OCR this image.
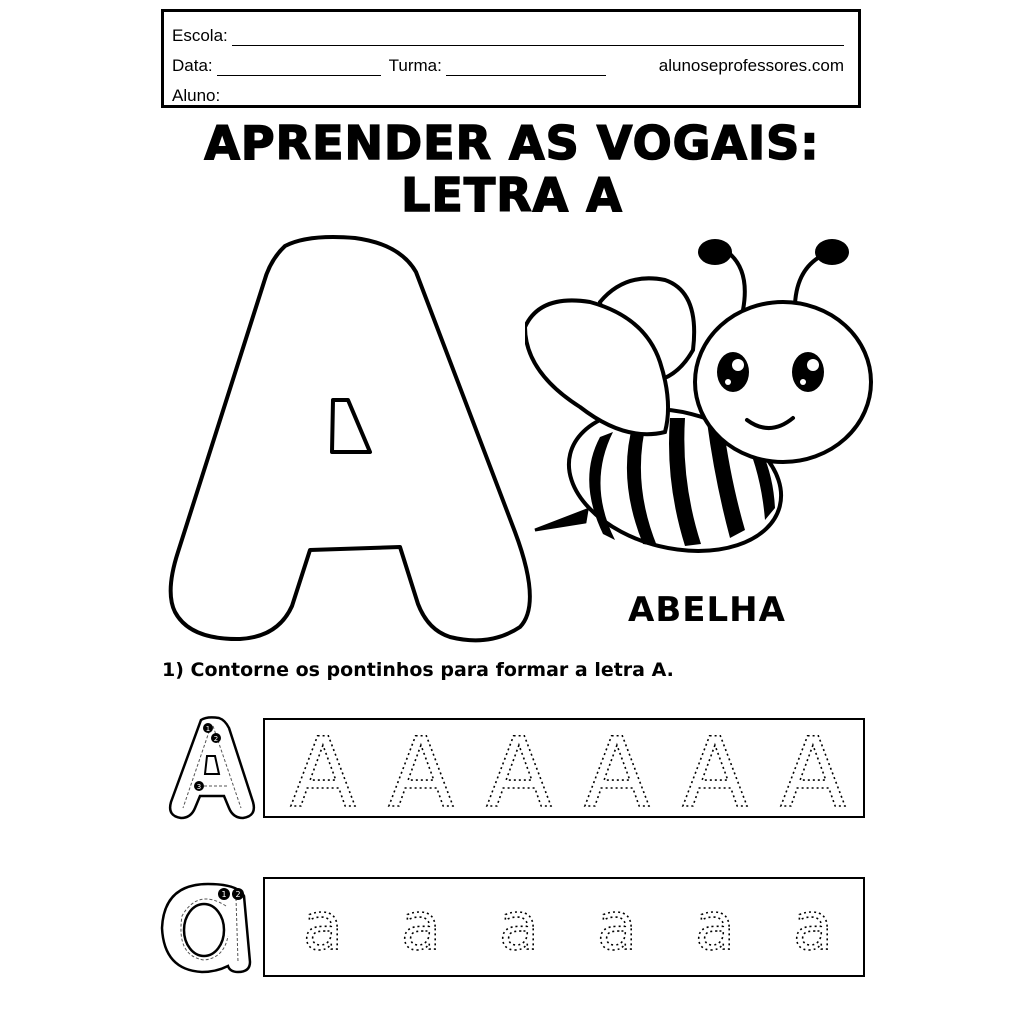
Escola:
Data:	Turma:	alunoseprofessores.com
Aluno:
APRENDER AS VOGAIS:
LETRA A
ABELHA
1) Contorne os pontinhos para formar a letra A.
1
2
3 A A A A A A
1 2 a a a a a a
